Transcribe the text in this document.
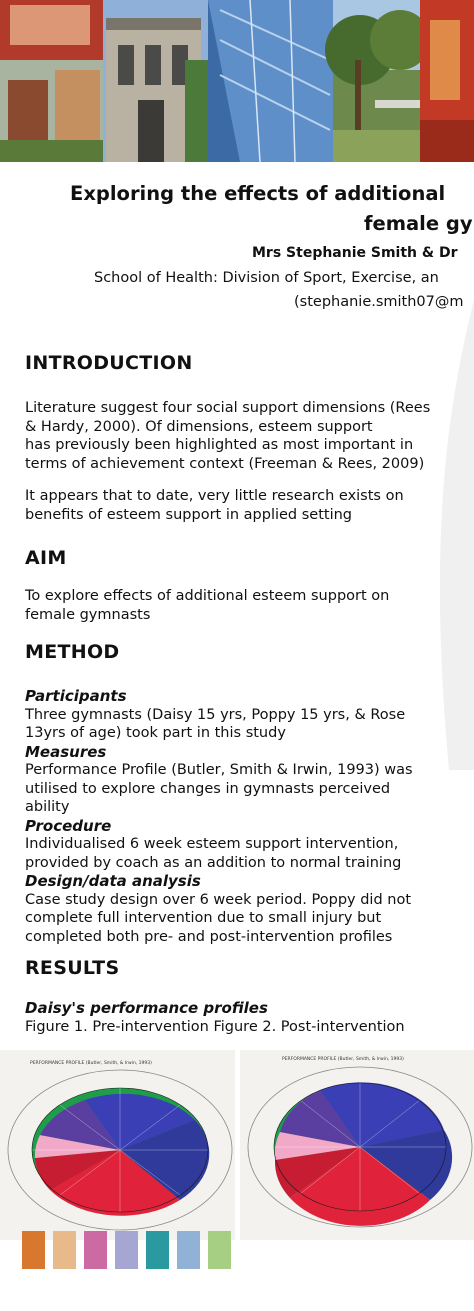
Exploring the effects of additional
female gy
Mrs Stephanie Smith & Dr
School of Health: Division of Sport, Exercise, an
(stephanie.smith07@m
INTRODUCTION
Literature suggest four social support dimensions (Rees
& Hardy, 2000). Of dimensions, esteem support
has previously been highlighted as most important in
terms of achievement context (Freeman & Rees, 2009)
It appears that to date, very little research exists on
benefits of esteem support in applied setting
AIM
To explore effects of additional esteem support on
female gymnasts
METHOD
Participants
Three gymnasts (Daisy 15 yrs, Poppy 15 yrs, & Rose
13yrs of age) took part in this study
Measures
Performance Profile (Butler, Smith & Irwin, 1993) was
utilised to explore changes in gymnasts perceived
ability
Procedure
Individualised 6 week esteem support intervention,
provided by coach as an addition to normal training
Design/data analysis
Case study design over 6 week period. Poppy did not
complete full intervention due to small injury but
completed both pre- and post-intervention profiles
RESULTS
Daisy's performance profiles
Figure 1. Pre-intervention Figure 2. Post-intervention
PERFORMANCE PROFILE (Butler, Smith, & Irwin, 1993)
PERFORMANCE PROFILE (Butler, Smith, & Irwin, 1993)
